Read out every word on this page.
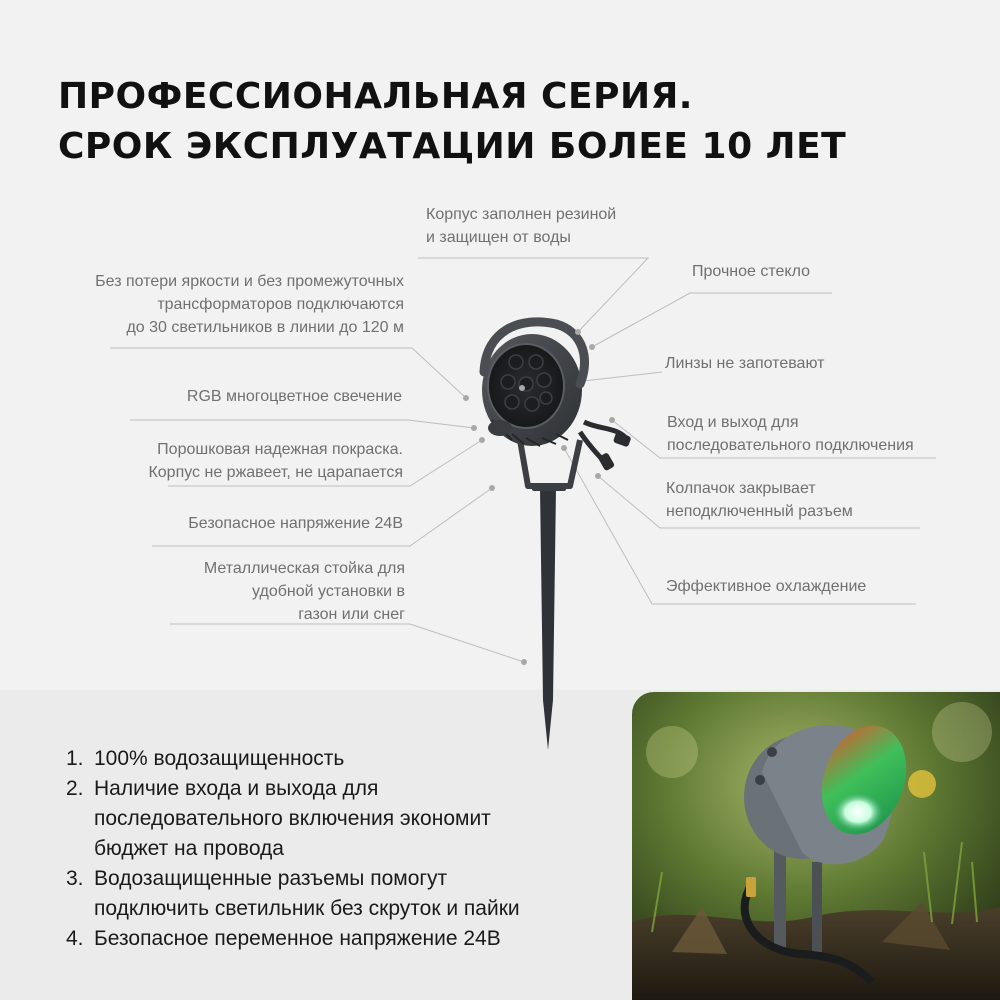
ПРОФЕССИОНАЛЬНАЯ СЕРИЯ.
СРОК ЭКСПЛУАТАЦИИ БОЛЕЕ 10 ЛЕТ
Корпус заполнен резиной
и защищен от воды
Без потери яркости и без промежуточных
трансформаторов подключаются
до 30 светильников в линии до 120 м
Прочное стекло
RGB многоцветное свечение
Линзы не запотевают
Вход и выход для
последовательного подключения
Порошковая надежная покраска.
Корпус не ржавеет, не царапается
Колпачок закрывает
неподключенный разъем
Безопасное напряжение 24В
Металлическая стойка для
удобной установки в
газон или снег
Эффективное охлаждение
1. 100% водозащищенность
2. Наличие входа и выхода для
последовательного включения экономит
бюджет на провода
3. Водозащищенные разъемы помогут
подключить светильник без скруток и пайки
4. Безопасное переменное напряжение 24В
